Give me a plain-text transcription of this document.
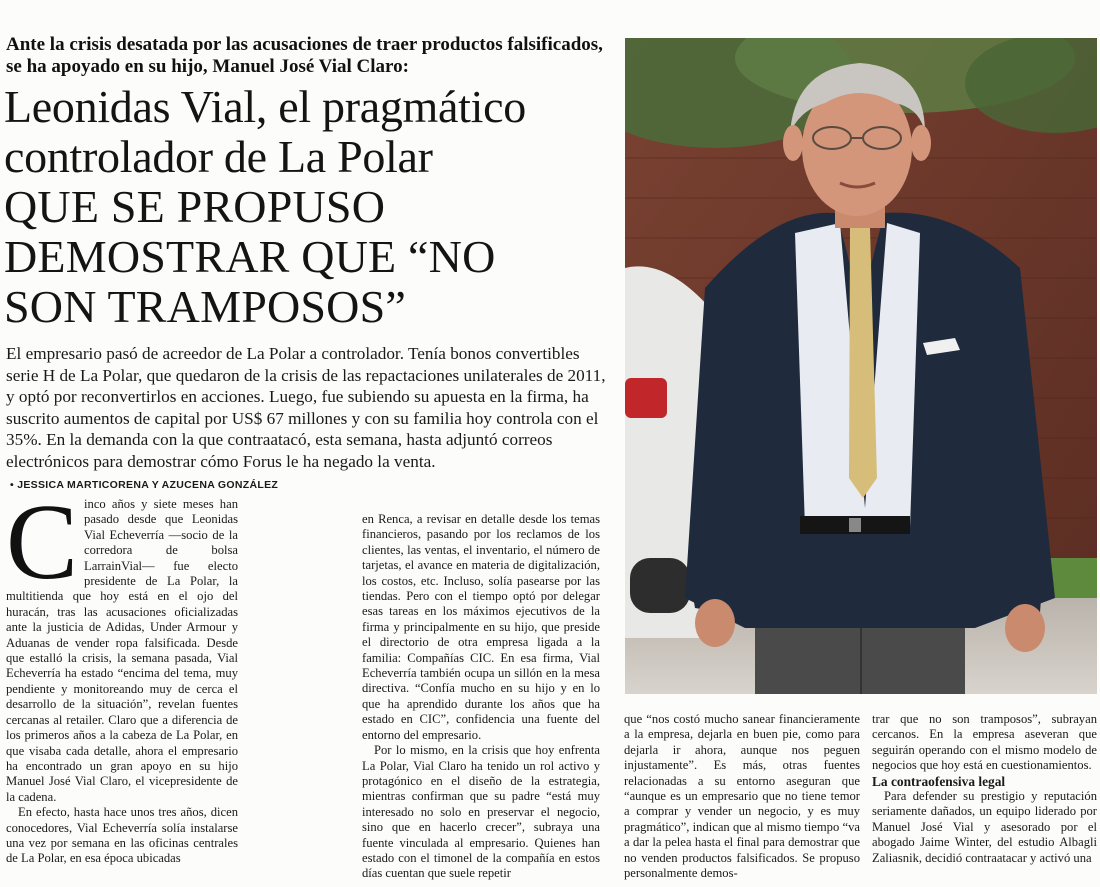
Ante la crisis desatada por las acusaciones de traer productos falsificados, se ha apoyado en su hijo, Manuel José Vial Claro:
Leonidas Vial, el pragmático
controlador de La Polar
QUE SE PROPUSO
DEMOSTRAR QUE “NO
SON TRAMPOSOS”
El empresario pasó de acreedor de La Polar a controlador. Tenía bonos convertibles serie H de La Polar, que quedaron de la crisis de las repactaciones unilaterales de 2011, y optó por reconvertirlos en acciones. Luego, fue subiendo su apuesta en la firma, ha suscrito aumentos de capital por US$ 67 millones y con su familia hoy controla con el 35%. En la demanda con la que contraatacó, esta semana, hasta adjuntó correos electrónicos para demostrar cómo Forus le ha negado la venta. • JESSICA MARTICORENA Y AZUCENA GONZÁLEZ

Cinco años y siete meses han pasado desde que Leonidas Vial Echeverría —socio de la corredora de bolsa LarrainVial— fue electo presidente de La Polar, la multitienda que hoy está en el ojo del huracán, tras las acusaciones oficializadas ante la justicia de Adidas, Under Armour y Aduanas de vender ropa falsificada. Desde que estalló la crisis, la semana pasada, Vial Echeverría ha estado “encima del tema, muy pendiente y monitoreando muy de cerca el desarrollo de la situación”, revelan fuentes cercanas al retailer. Claro que a diferencia de los primeros años a la cabeza de La Polar, en que visaba cada detalle, ahora el empresario ha encontrado un gran apoyo en su hijo Manuel José Vial Claro, el vicepresidente de la cadena.

En efecto, hasta hace unos tres años, dicen conocedores, Vial Echeverría solía instalarse una vez por semana en las oficinas centrales de La Polar, en esa época ubicadas

en Renca, a revisar en detalle desde los temas financieros, pasando por los reclamos de los clientes, las ventas, el inventario, el número de tarjetas, el avance en materia de digitalización, los costos, etc. Incluso, solía pasearse por las tiendas. Pero con el tiempo optó por delegar esas tareas en los máximos ejecutivos de la firma y principalmente en su hijo, que preside el directorio de otra empresa ligada a la familia: Compañías CIC. En esa firma, Vial Echeverría también ocupa un sillón en la mesa directiva. “Confía mucho en su hijo y en lo que ha aprendido durante los años que ha estado en CIC”, confidencia una fuente del entorno del empresario.

Por lo mismo, en la crisis que hoy enfrenta La Polar, Vial Claro ha tenido un rol activo y protagónico en el diseño de la estrategia, mientras confirman que su padre “está muy interesado no solo en preservar el negocio, sino que en hacerlo crecer”, subraya una fuente vinculada al empresario. Quienes han estado con el timonel de la compañía en estos días cuentan que suele repetir

que “nos costó mucho sanear financieramente a la empresa, dejarla en buen pie, como para dejarla ir ahora, aunque nos peguen injustamente”. Es más, otras fuentes relacionadas a su entorno aseguran que “aunque es un empresario que no tiene temor a comprar y vender un negocio, y es muy pragmático”, indican que al mismo tiempo “va a dar la pelea hasta el final para demostrar que no venden productos falsificados. Se propuso personalmente demos-

trar que no son tramposos”, subrayan cercanos. En la empresa aseveran que seguirán operando con el mismo modelo de negocios que hoy está en cuestionamientos.

La contraofensiva legal

Para defender su prestigio y reputación seriamente dañados, un equipo liderado por Manuel José Vial y asesorado por el abogado Jaime Winter, del estudio Albagli Zaliasnik, decidió contraatacar y activó una
